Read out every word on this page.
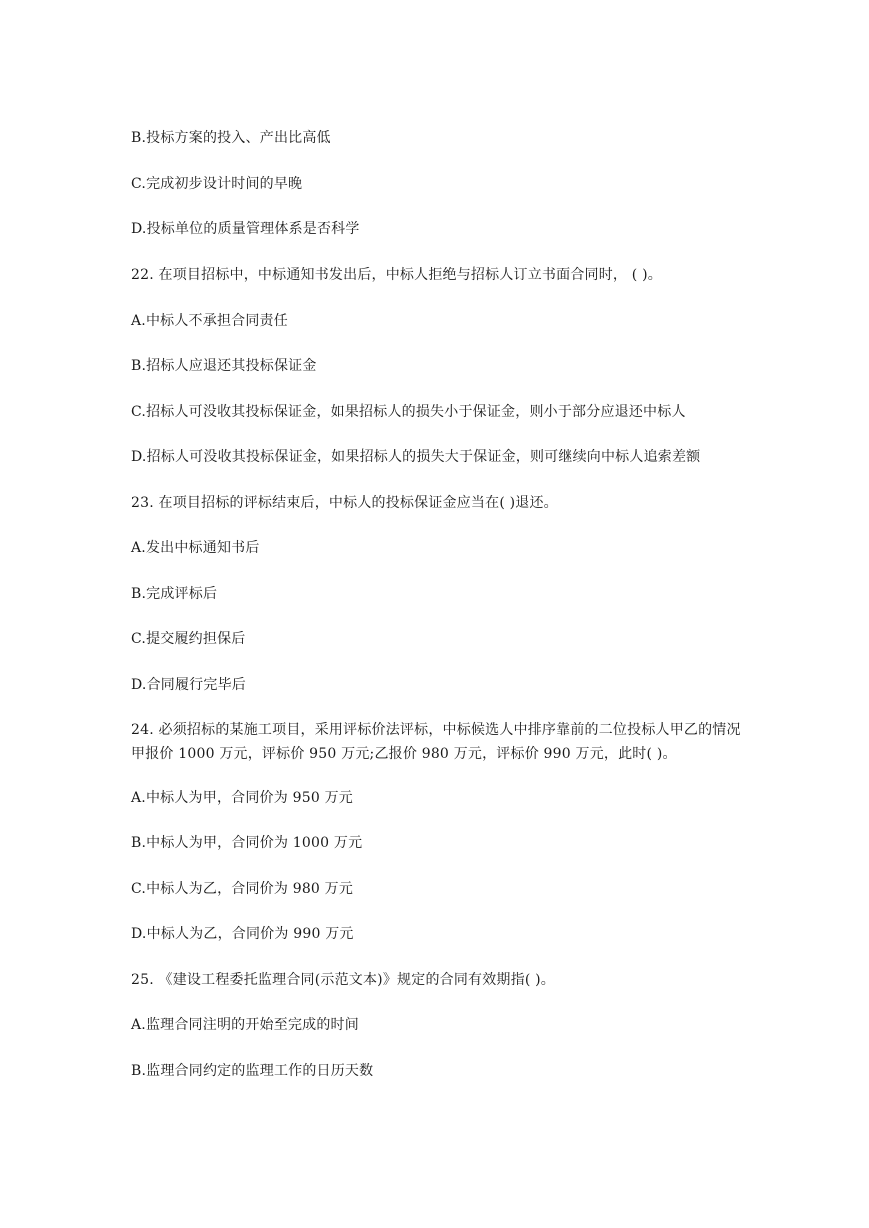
B.投标方案的投入、产出比高低
C.完成初步设计时间的早晚
D.投标单位的质量管理体系是否科学
22. 在项目招标中，中标通知书发出后，中标人拒绝与招标人订立书面合同时， ( )。
A.中标人不承担合同责任
B.招标人应退还其投标保证金
C.招标人可没收其投标保证金，如果招标人的损失小于保证金，则小于部分应退还中标人
D.招标人可没收其投标保证金，如果招标人的损失大于保证金，则可继续向中标人追索差额
23. 在项目招标的评标结束后，中标人的投标保证金应当在( )退还。
A.发出中标通知书后
B.完成评标后
C.提交履约担保后
D.合同履行完毕后
24. 必须招标的某施工项目，采用评标价法评标，中标候选人中排序靠前的二位投标人甲乙的情况甲报价 1000 万元，评标价 950 万元;乙报价 980 万元，评标价 990 万元，此时( )。
A.中标人为甲，合同价为 950 万元
B.中标人为甲，合同价为 1000 万元
C.中标人为乙，合同价为 980 万元
D.中标人为乙，合同价为 990 万元
25. 《建设工程委托监理合同(示范文本)》规定的合同有效期指( )。
A.监理合同注明的开始至完成的时间
B.监理合同约定的监理工作的日历天数
